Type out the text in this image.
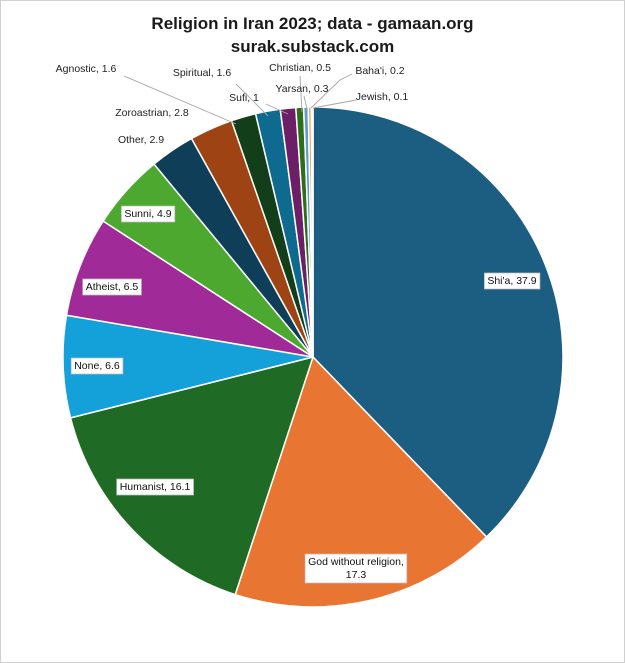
Religion in Iran 2023; data - gamaan.org
surak.substack.com
Shi'a, 37.9
God without religion, 17.3
Humanist, 16.1
None, 6.6
Atheist, 6.5
Sunni, 4.9
Other, 2.9
Zoroastrian, 2.8
Agnostic, 1.6	Spiritual, 1.6
Sufi, 1
Christian, 0.5
Yarsan, 0.3
Baha'i, 0.2
Jewish, 0.1
